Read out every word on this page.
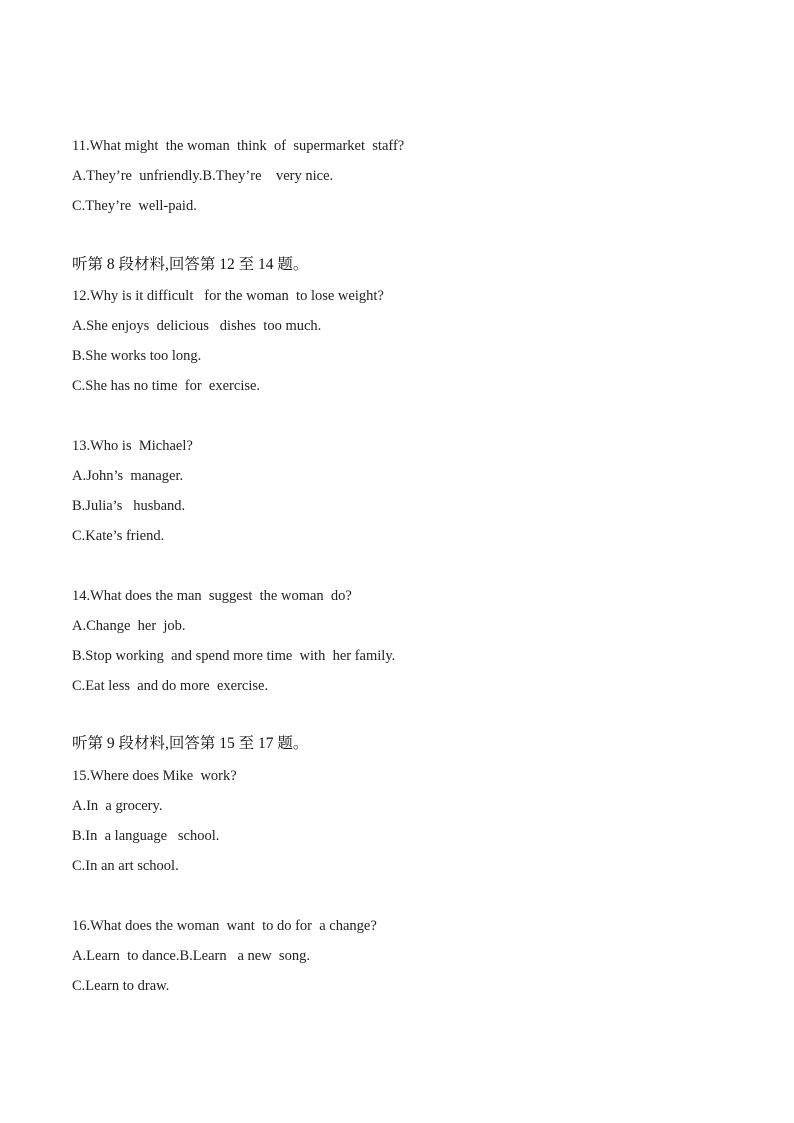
11.What might  the woman  think  of  supermarket  staff?
A.They’re  unfriendly.B.They’re    very nice.
C.They’re  well-paid.
听第 8 段材料,回答第 12 至 14 题。
12.Why is it difficult   for the woman  to lose weight?
A.She enjoys  delicious   dishes  too much.
B.She works too long.
C.She has no time  for  exercise.
13.Who is  Michael?
A.John’s  manager.
B.Julia’s   husband.
C.Kate’s friend.
14.What does the man  suggest  the woman  do?
A.Change  her  job.
B.Stop working  and spend more time  with  her family.
C.Eat less  and do more  exercise.
听第 9 段材料,回答第 15 至 17 题。
15.Where does Mike  work?
A.In  a grocery.
B.In  a language   school.
C.In an art school.
16.What does the woman  want  to do for  a change?
A.Learn  to dance.B.Learn   a new  song.
C.Learn to draw.
